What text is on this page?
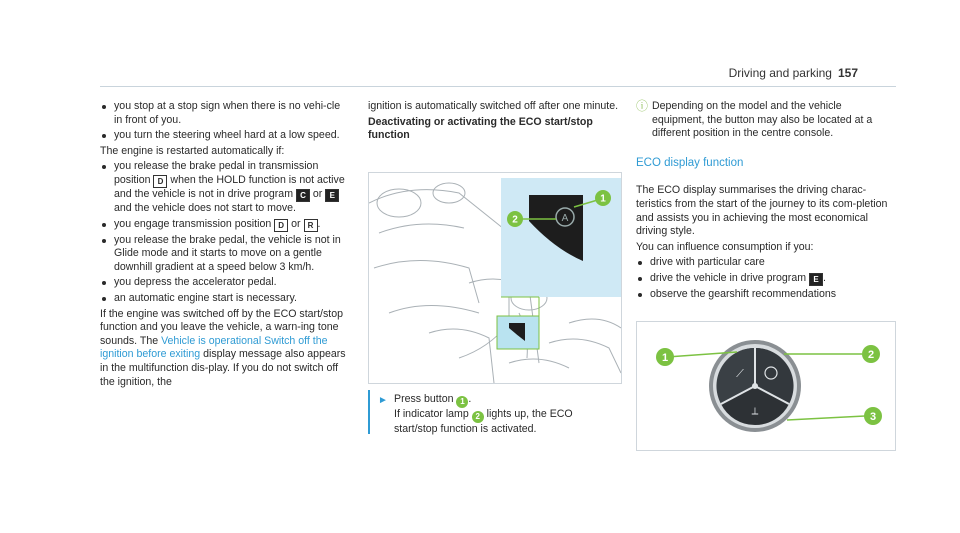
Driving and parking 157
you stop at a stop sign when there is no vehi-cle in front of you.
you turn the steering wheel hard at a low speed.

The engine is restarted automatically if:

you release the brake pedal in transmission position D when the HOLD function is not active and the vehicle is not in drive program C or E and the vehicle does not start to move.
you engage transmission position D or R .
you release the brake pedal, the vehicle is not in Glide mode and it starts to move on a gentle downhill gradient at a speed below 3 km/h.
you depress the accelerator pedal.
an automatic engine start is necessary.

If the engine was switched off by the ECO start/stop function and you leave the vehicle, a warn-ing tone sounds. The Vehicle is operational Switch off the ignition before exiting display message also appears in the multifunction dis-play. If you do not switch off the ignition, the

ignition is automatically switched off after one minute.

Deactivating or activating the ECO start/stop function

A
1
2
► Press button 1 .
If indicator lamp 2 lights up, the ECO start/stop function is activated.
ⓘ Depending on the model and the vehicle equipment, the button may also be located at a different position in the centre console.
ECO display function

The ECO display summarises the driving charac-teristics from the start of the journey to its com-pletion and assists you in achieving the most economical driving style.

You can influence consumption if you:

drive with particular care
drive the vehicle in drive program E .
observe the gearshift recommendations
⟋
⟂
1	2
3
